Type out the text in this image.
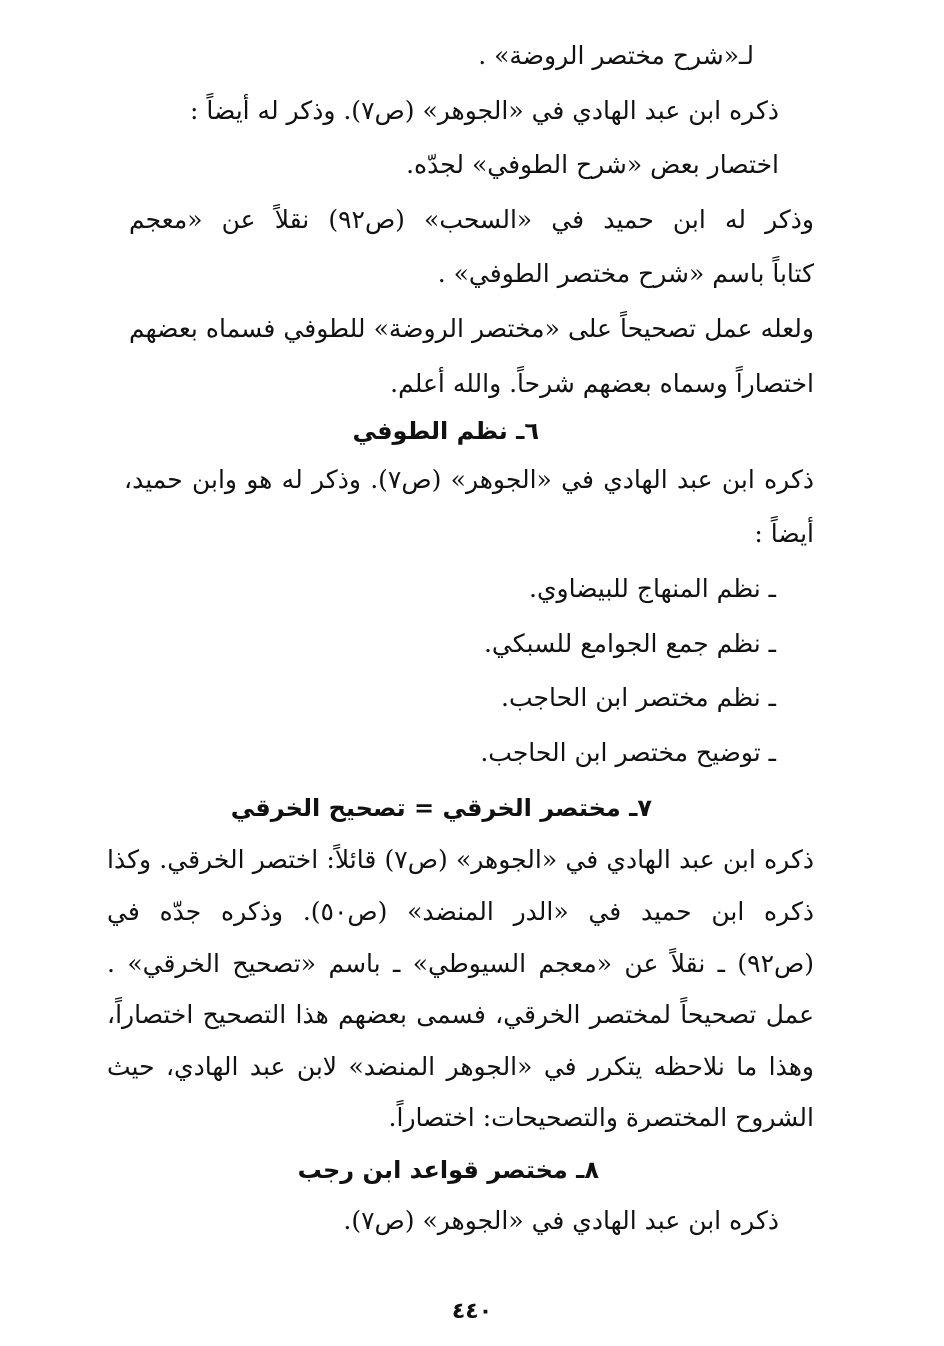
لـ«شرح مختصر الروضة» .
ذكره ابن عبد الهادي في «الجوهر» (ص٧). وذكر له أيضاً :
اختصار بعض «شرح الطوفي» لجدّه.
وذكر له ابن حميد في «السحب» (ص٩٢) نقلاً عن «معجم
كتاباً باسم «شرح مختصر الطوفي» .
ولعله عمل تصحيحاً على «مختصر الروضة» للطوفي فسماه بعضهم
اختصاراً وسماه بعضهم شرحاً. والله أعلم.
٦ـ نظم الطوفي
ذكره ابن عبد الهادي في «الجوهر» (ص٧). وذكر له هو وابن حميد،
أيضاً :
ـ نظم المنهاج للبيضاوي.
ـ نظم جمع الجوامع للسبكي.
ـ نظم مختصر ابن الحاجب.
ـ توضيح مختصر ابن الحاجب.
٧ـ مختصر الخرقي = تصحيح الخرقي
ذكره ابن عبد الهادي في «الجوهر» (ص٧) قائلاً: اختصر الخرقي. وكذا
ذكره ابن حميد في «الدر المنضد» (ص٥٠). وذكره جدّه في
(ص٩٢) ـ نقلاً عن «معجم السيوطي» ـ باسم «تصحيح الخرقي» .
عمل تصحيحاً لمختصر الخرقي، فسمى بعضهم هذا التصحيح اختصاراً،
وهذا ما نلاحظه يتكرر في «الجوهر المنضد» لابن عبد الهادي، حيث
الشروح المختصرة والتصحيحات: اختصاراً.
٨ـ مختصر قواعد ابن رجب
ذكره ابن عبد الهادي في «الجوهر» (ص٧).
٤٤٠
